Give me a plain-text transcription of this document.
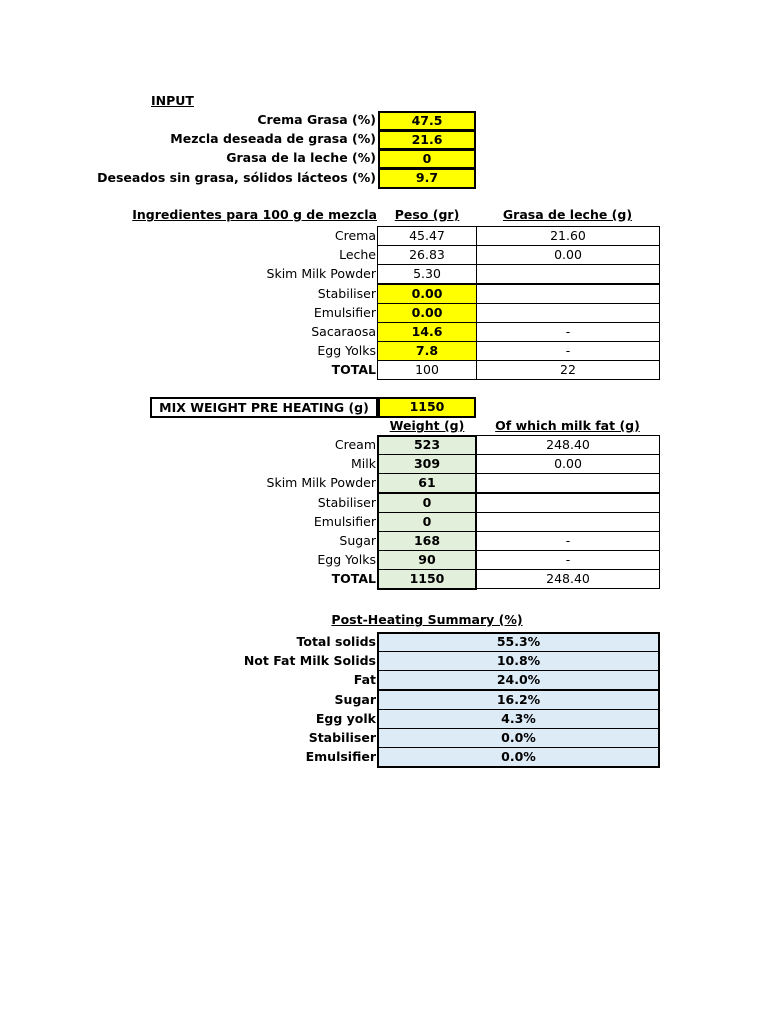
INPUT
Crema Grasa (%)	47.5
Mezcla deseada de grasa (%)	21.6
Grasa de la leche (%)	0
Deseados sin grasa, sólidos lácteos (%)	9.7
Ingredientes para 100 g de mezcla	Peso (gr)	Grasa de leche (g)
Crema	45.47	21.60
Leche	26.83	0.00
Skim Milk Powder	5.30
Stabiliser	0.00
Emulsifier	0.00
Sacaraosa	14.6	-
Egg Yolks	7.8	-
TOTAL	100	22
MIX WEIGHT PRE HEATING (g)	1150
Weight (g)	Of which milk fat (g)
Cream	523	248.40
Milk	309	0.00
Skim Milk Powder	61
Stabiliser	0
Emulsifier	0
Sugar	168	-
Egg Yolks	90	-
TOTAL	1150	248.40
Post-Heating Summary (%)
Total solids	55.3%
Not Fat Milk Solids	10.8%
Fat	24.0%
Sugar	16.2%
Egg yolk	4.3%
Stabiliser	0.0%
Emulsifier	0.0%
